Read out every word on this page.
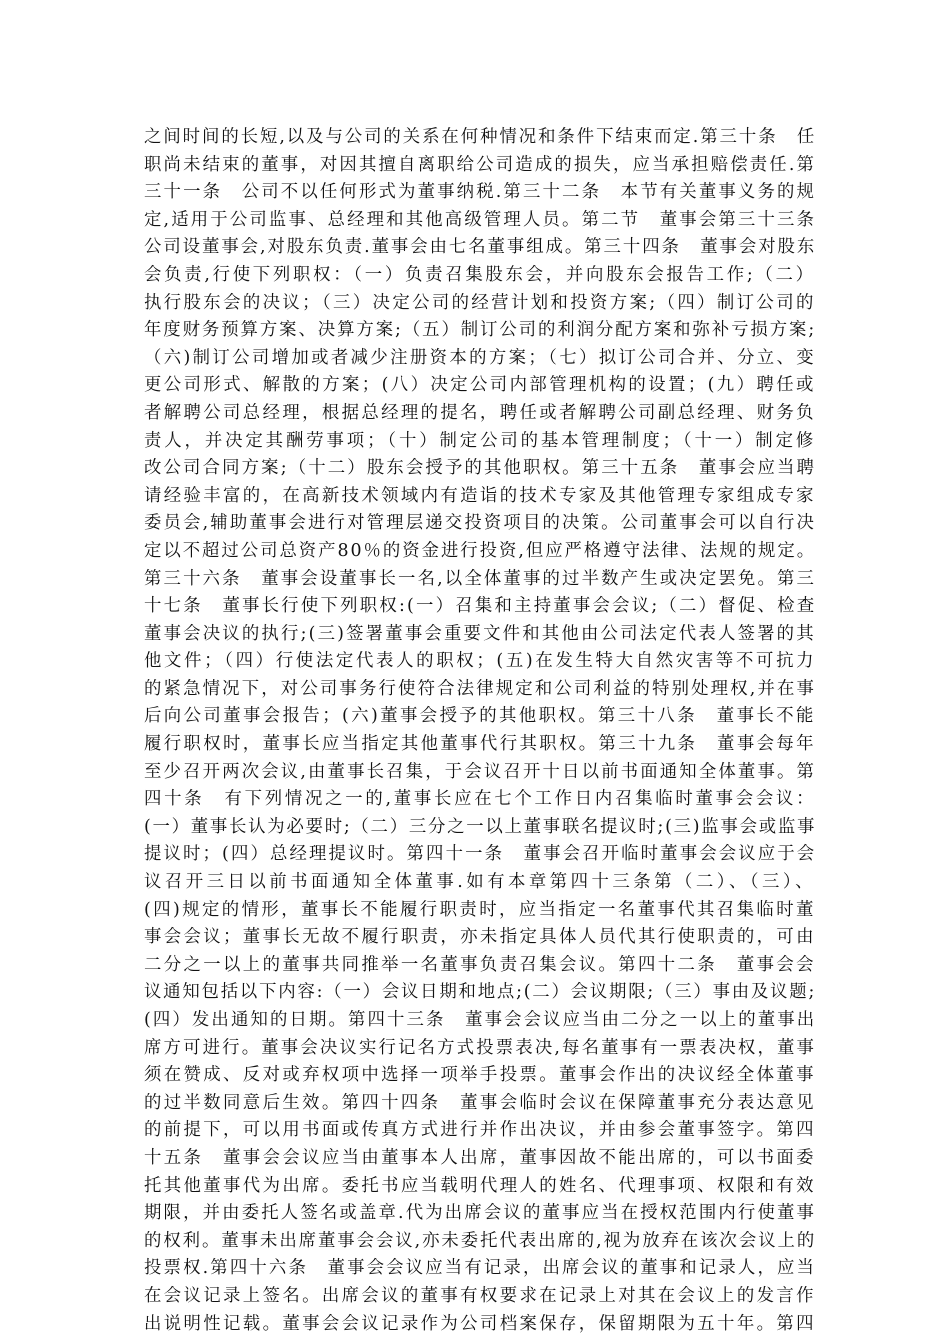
之间时间的长短,以及与公司的关系在何种情况和条件下结束而定.第三十条　任
职尚未结束的董事，对因其擅自离职给公司造成的损失，应当承担赔偿责任.第
三十一条　公司不以任何形式为董事纳税.第三十二条　本节有关董事义务的规
定,适用于公司监事、总经理和其他高级管理人员。第二节　董事会第三十三条
公司设董事会,对股东负责.董事会由七名董事组成。第三十四条　董事会对股东
会负责,行使下列职权：（一）负责召集股东会，并向股东会报告工作;（二）
执行股东会的决议；（三）决定公司的经营计划和投资方案;（四）制订公司的
年度财务预算方案、决算方案;（五）制订公司的利润分配方案和弥补亏损方案;
（六)制订公司增加或者减少注册资本的方案；（七）拟订公司合并、分立、变
更公司形式、解散的方案；(八）决定公司内部管理机构的设置；(九）聘任或
者解聘公司总经理，根据总经理的提名，聘任或者解聘公司副总经理、财务负
责人，并决定其酬劳事项；（十）制定公司的基本管理制度；（十一）制定修
改公司合同方案;（十二）股东会授予的其他职权。第三十五条　董事会应当聘
请经验丰富的，在高新技术领域内有造诣的技术专家及其他管理专家组成专家
委员会,辅助董事会进行对管理层递交投资项目的决策。公司董事会可以自行决
定以不超过公司总资产80％的资金进行投资,但应严格遵守法律、法规的规定。
第三十六条　董事会设董事长一名,以全体董事的过半数产生或决定罢免。第三
十七条　董事长行使下列职权:(一）召集和主持董事会会议;（二）督促、检查
董事会决议的执行;(三)签署董事会重要文件和其他由公司法定代表人签署的其
他文件；（四）行使法定代表人的职权；(五)在发生特大自然灾害等不可抗力
的紧急情况下，对公司事务行使符合法律规定和公司利益的特别处理权,并在事
后向公司董事会报告；(六)董事会授予的其他职权。第三十八条　董事长不能
履行职权时，董事长应当指定其他董事代行其职权。第三十九条　董事会每年
至少召开两次会议,由董事长召集，于会议召开十日以前书面通知全体董事。第
四十条　有下列情况之一的,董事长应在七个工作日内召集临时董事会会议：
(一）董事长认为必要时;（二）三分之一以上董事联名提议时;(三)监事会或监事
提议时；(四）总经理提议时。第四十一条　董事会召开临时董事会会议应于会
议召开三日以前书面通知全体董事.如有本章第四十三条第（二）、（三）、
(四)规定的情形，董事长不能履行职责时，应当指定一名董事代其召集临时董
事会会议；董事长无故不履行职责，亦未指定具体人员代其行使职责的，可由
二分之一以上的董事共同推举一名董事负责召集会议。第四十二条　董事会会
议通知包括以下内容:（一）会议日期和地点;(二）会议期限;（三）事由及议题;
(四）发出通知的日期。第四十三条　董事会会议应当由二分之一以上的董事出
席方可进行。董事会决议实行记名方式投票表决,每名董事有一票表决权，董事
须在赞成、反对或弃权项中选择一项举手投票。董事会作出的决议经全体董事
的过半数同意后生效。第四十四条　董事会临时会议在保障董事充分表达意见
的前提下，可以用书面或传真方式进行并作出决议，并由参会董事签字。第四
十五条　董事会会议应当由董事本人出席，董事因故不能出席的，可以书面委
托其他董事代为出席。委托书应当载明代理人的姓名、代理事项、权限和有效
期限，并由委托人签名或盖章.代为出席会议的董事应当在授权范围内行使董事
的权利。董事未出席董事会会议,亦未委托代表出席的,视为放弃在该次会议上的
投票权.第四十六条　董事会会议应当有记录，出席会议的董事和记录人，应当
在会议记录上签名。出席会议的董事有权要求在记录上对其在会议上的发言作
出说明性记载。董事会会议记录作为公司档案保存，保留期限为五十年。第四
